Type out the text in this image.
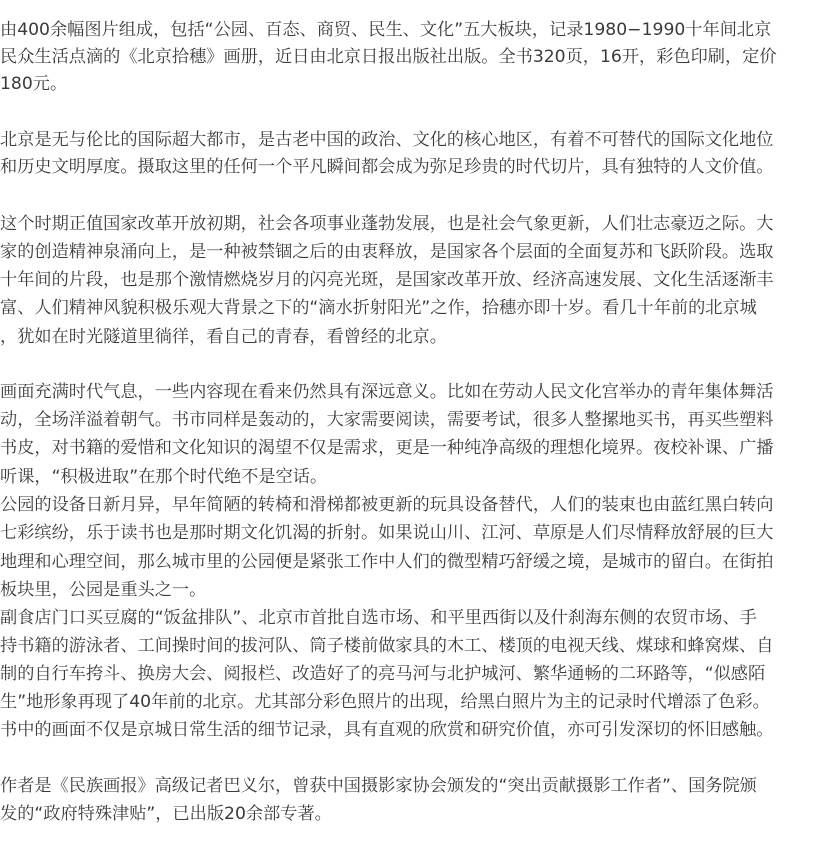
由400余幅图片组成，包括“公园、百态、商贸、民生、文化”五大板块，记录1980−1990十年间北京
民众生活点滴的《北京拾穗》画册，近日由北京日报出版社出版。全书320页，16开，彩色印刷，定价
180元。
北京是无与伦比的国际超大都市，是古老中国的政治、文化的核心地区，有着不可替代的国际文化地位
和历史文明厚度。摄取这里的任何一个平凡瞬间都会成为弥足珍贵的时代切片，具有独特的人文价值。
这个时期正值国家改革开放初期，社会各项事业蓬勃发展，也是社会气象更新，人们壮志豪迈之际。大
家的创造精神泉涌向上，是一种被禁锢之后的由衷释放，是国家各个层面的全面复苏和飞跃阶段。选取
十年间的片段，也是那个激情燃烧岁月的闪亮光斑，是国家改革开放、经济高速发展、文化生活逐渐丰
富、人们精神风貌积极乐观大背景之下的“滴水折射阳光”之作，拾穗亦即十岁。看几十年前的北京城
，犹如在时光隧道里徜徉，看自己的青春，看曾经的北京。
画面充满时代气息，一些内容现在看来仍然具有深远意义。比如在劳动人民文化宫举办的青年集体舞活
动，全场洋溢着朝气。书市同样是轰动的，大家需要阅读，需要考试，很多人整摞地买书，再买些塑料
书皮，对书籍的爱惜和文化知识的渴望不仅是需求，更是一种纯净高级的理想化境界。夜校补课、广播
听课，“积极进取”在那个时代绝不是空话。
公园的设备日新月异，早年简陋的转椅和滑梯都被更新的玩具设备替代，人们的装束也由蓝红黑白转向
七彩缤纷，乐于读书也是那时期文化饥渴的折射。如果说山川、江河、草原是人们尽情释放舒展的巨大
地理和心理空间，那么城市里的公园便是紧张工作中人们的微型精巧舒缓之境，是城市的留白。在街拍
板块里，公园是重头之一。
副食店门口买豆腐的“饭盆排队”、北京市首批自选市场、和平里西街以及什刹海东侧的农贸市场、手
持书籍的游泳者、工间操时间的拔河队、筒子楼前做家具的木工、楼顶的电视天线、煤球和蜂窝煤、自
制的自行车挎斗、换房大会、阅报栏、改造好了的亮马河与北护城河、繁华通畅的二环路等，“似感陌
生”地形象再现了40年前的北京。尤其部分彩色照片的出现，给黑白照片为主的记录时代增添了色彩。
书中的画面不仅是京城日常生活的细节记录，具有直观的欣赏和研究价值，亦可引发深切的怀旧感触。
作者是《民族画报》高级记者巴义尔，曾获中国摄影家协会颁发的“突出贡献摄影工作者”、国务院颁
发的“政府特殊津贴”，已出版20余部专著。
